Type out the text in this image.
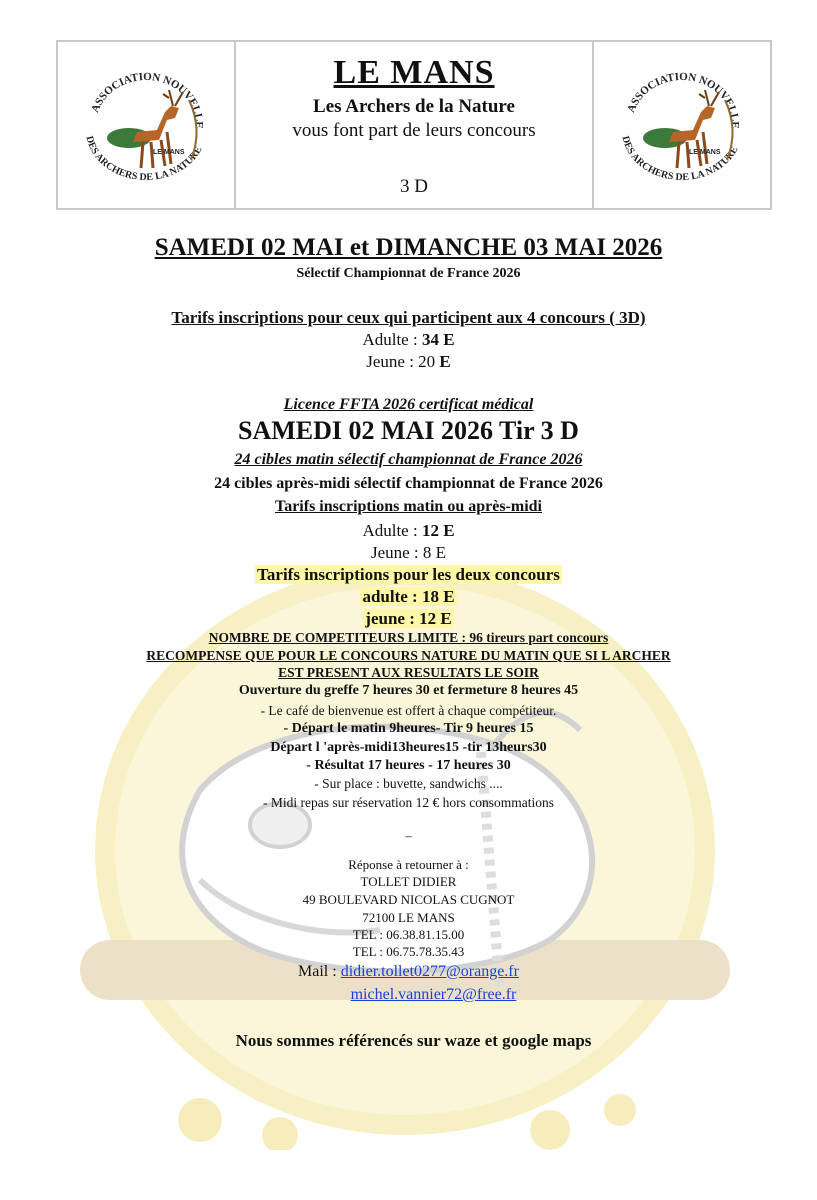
ASSOCIATION NOUVELLE
DES ARCHERS DE LA NATURE
LE MANS
LE MANS
Les Archers de la Nature
vous font part de leurs concours
3 D
ASSOCIATION NOUVELLE
DES ARCHERS DE LA NATURE
LE MANS
SAMEDI 02 MAI et DIMANCHE 03 MAI 2026
Sélectif Championnat de France 2026
Tarifs inscriptions pour ceux qui participent aux 4 concours ( 3D)
Adulte : 34 E
Jeune : 20 E
Licence FFTA 2026 certificat médical
SAMEDI 02 MAI 2026 Tir 3 D
24 cibles matin sélectif championnat de France 2026
24 cibles après-midi sélectif championnat de France 2026
Tarifs inscriptions matin ou après-midi
Adulte : 12 E
Jeune : 8 E
Tarifs inscriptions pour les deux concours
adulte : 18 E
jeune : 12 E
NOMBRE DE COMPETITEURS LIMITE : 96 tireurs part concours
RECOMPENSE QUE POUR LE CONCOURS NATURE DU MATIN QUE SI L ARCHER
EST PRESENT AUX RESULTATS LE SOIR
Ouverture du greffe 7 heures 30 et fermeture 8 heures 45
- Le café de bienvenue est offert à chaque compétiteur.
- Départ le matin 9heures- Tir 9 heures 15
Départ l 'après-midi13heures15 -tir 13heurs30
- Résultat 17 heures - 17 heures 30
- Sur place : buvette, sandwichs ....
- Midi repas sur réservation 12 € hors consommations
–
Réponse à retourner à :
TOLLET DIDIER
49 BOULEVARD NICOLAS CUGNOT
72100 LE MANS
TEL : 06.38.81.15.00
TEL : 06.75.78.35.43
Mail : didier.tollet0277@orange.fr
michel.vannier72@free.fr
Nous sommes référencés sur waze et google maps
